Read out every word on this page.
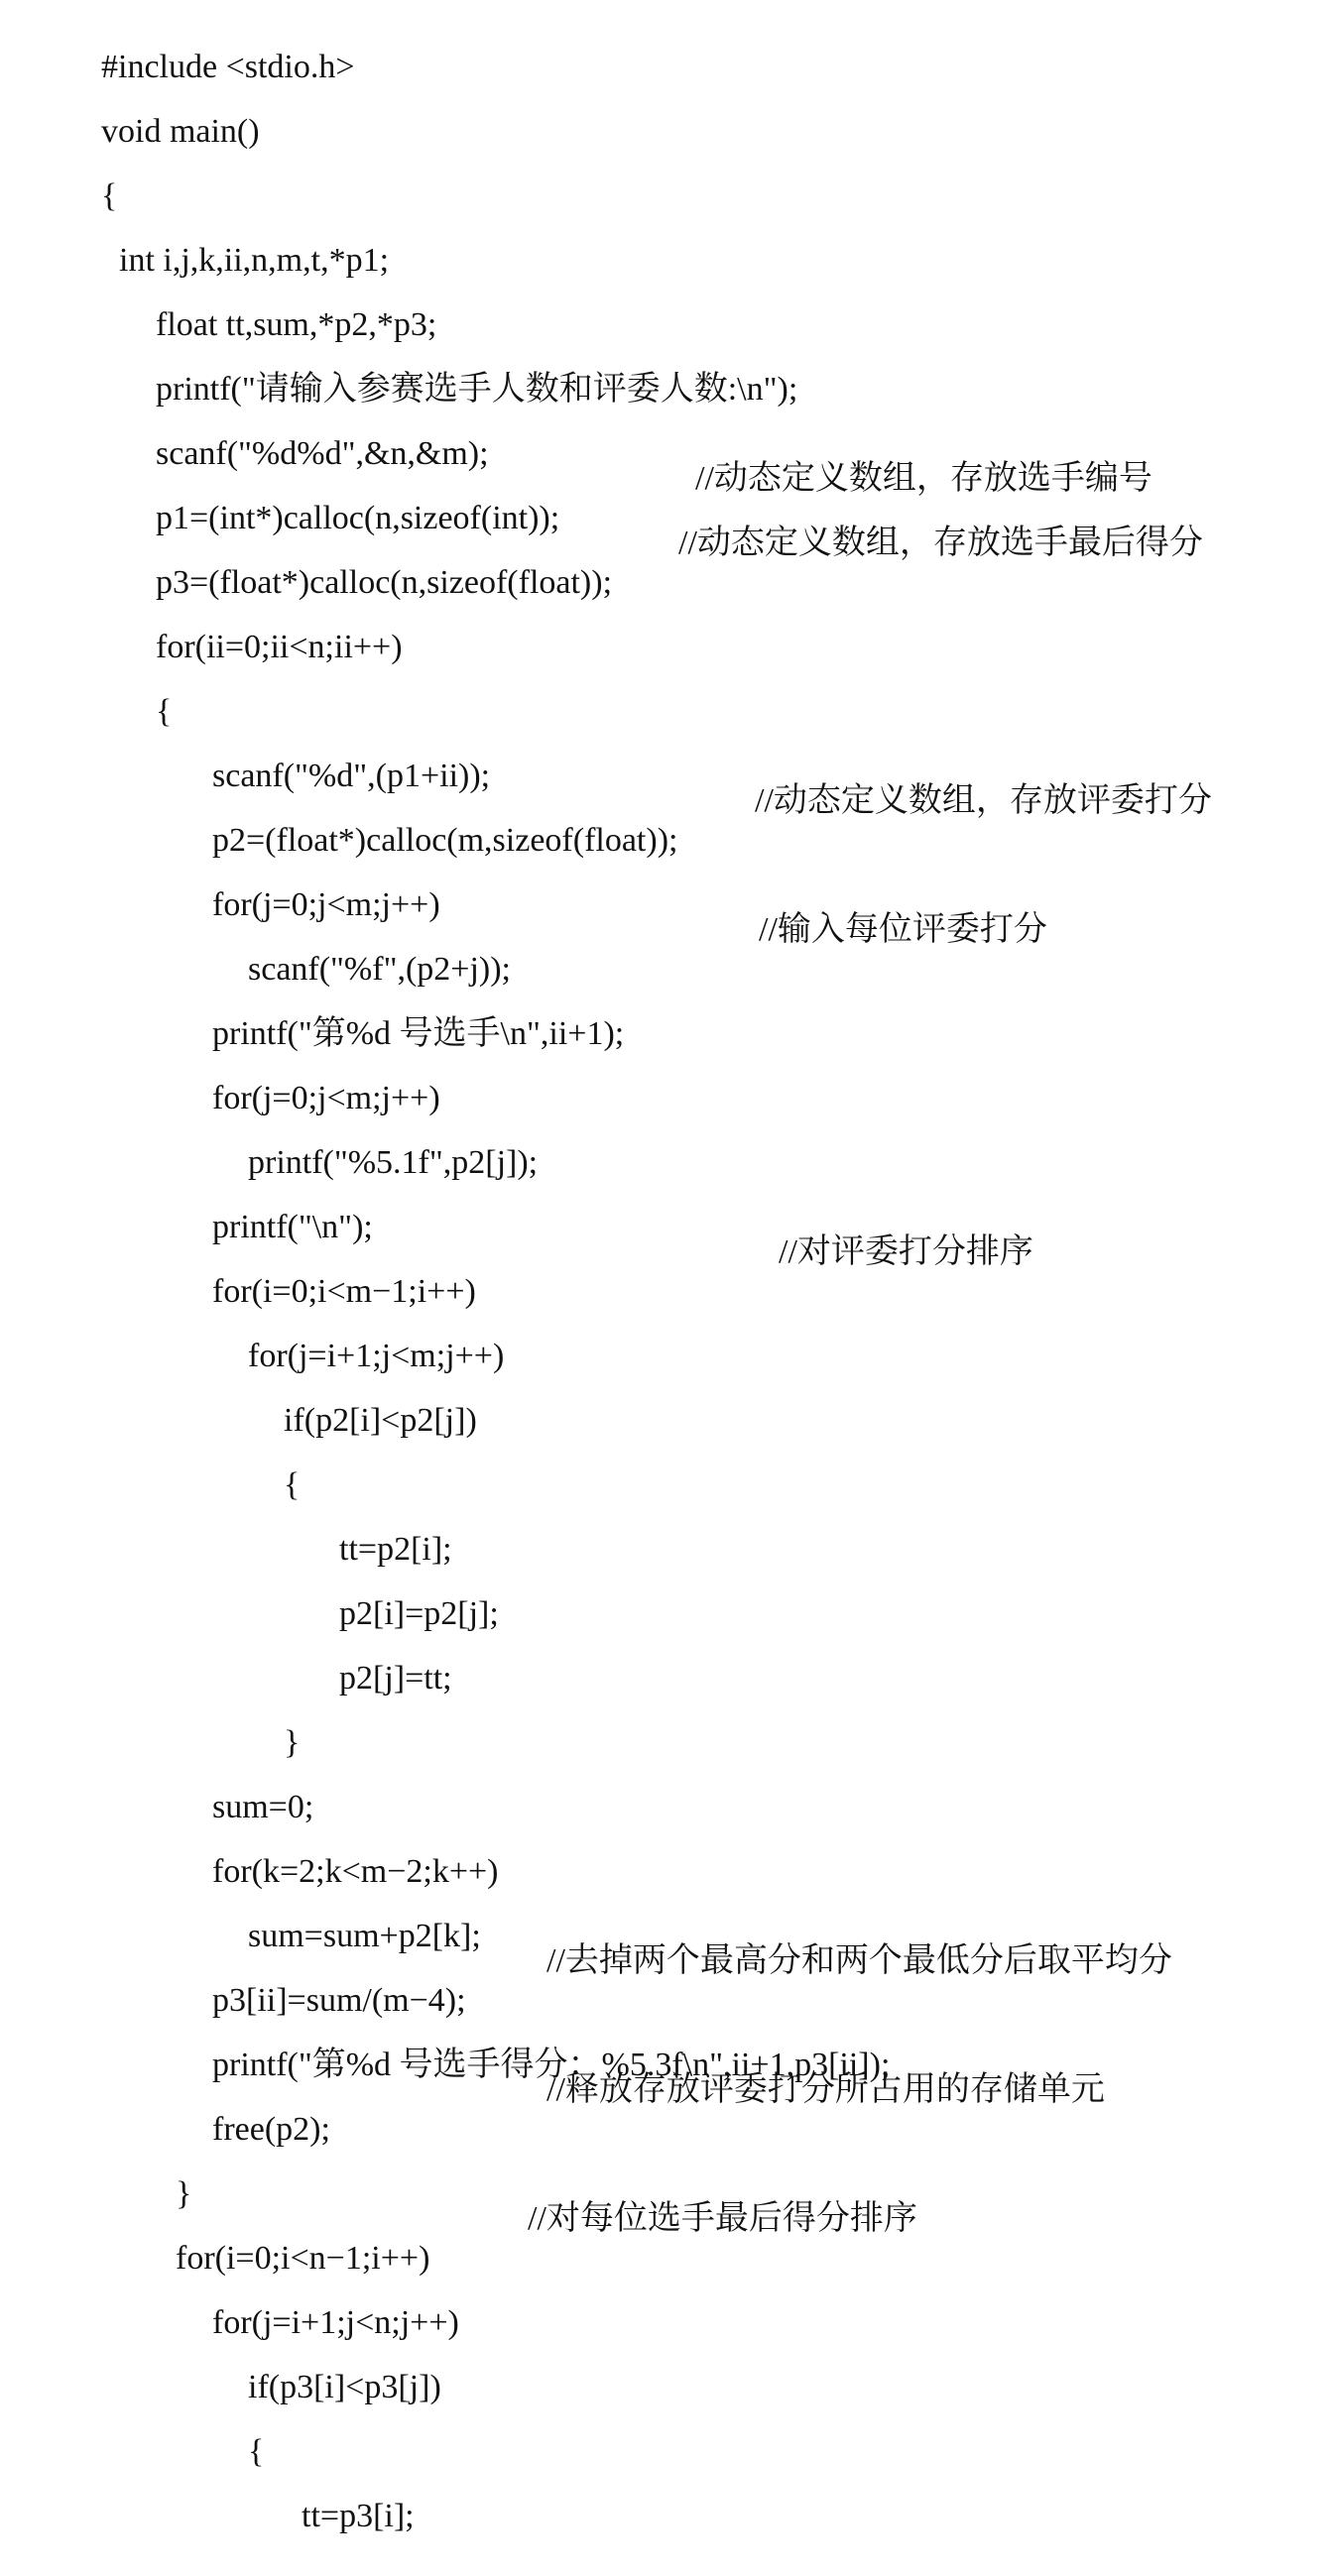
#include <stdio.h>

void main()

{

int i,j,k,ii,n,m,t,*p1;

float tt,sum,*p2,*p3;

printf("请输入参赛选手人数和评委人数:\n");

scanf("%d%d",&n,&m);

p1=(int*)calloc(n,sizeof(int));

//动态定义数组，存放选手编号

p3=(float*)calloc(n,sizeof(float));

//动态定义数组，存放选手最后得分

for(ii=0;ii<n;ii++)

{

scanf("%d",(p1+ii));

p2=(float*)calloc(m,sizeof(float));

//动态定义数组，存放评委打分

for(j=0;j<m;j++)

scanf("%f",(p2+j));

//输入每位评委打分

printf("第%d 号选手\n",ii+1);

for(j=0;j<m;j++)

printf("%5.1f",p2[j]);

printf("\n");

for(i=0;i<m−1;i++)

//对评委打分排序

for(j=i+1;j<m;j++)

if(p2[i]<p2[j])

{

tt=p2[i];

p2[i]=p2[j];

p2[j]=tt;

}

sum=0;

for(k=2;k<m−2;k++)

sum=sum+p2[k];

p3[ii]=sum/(m−4);

//去掉两个最高分和两个最低分后取平均分

printf("第%d 号选手得分：%5.3f\n",ii+1,p3[ii]);

free(p2);

//释放存放评委打分所占用的存储单元

}

for(i=0;i<n−1;i++)

//对每位选手最后得分排序

for(j=i+1;j<n;j++)

if(p3[i]<p3[j])

{

tt=p3[i];
